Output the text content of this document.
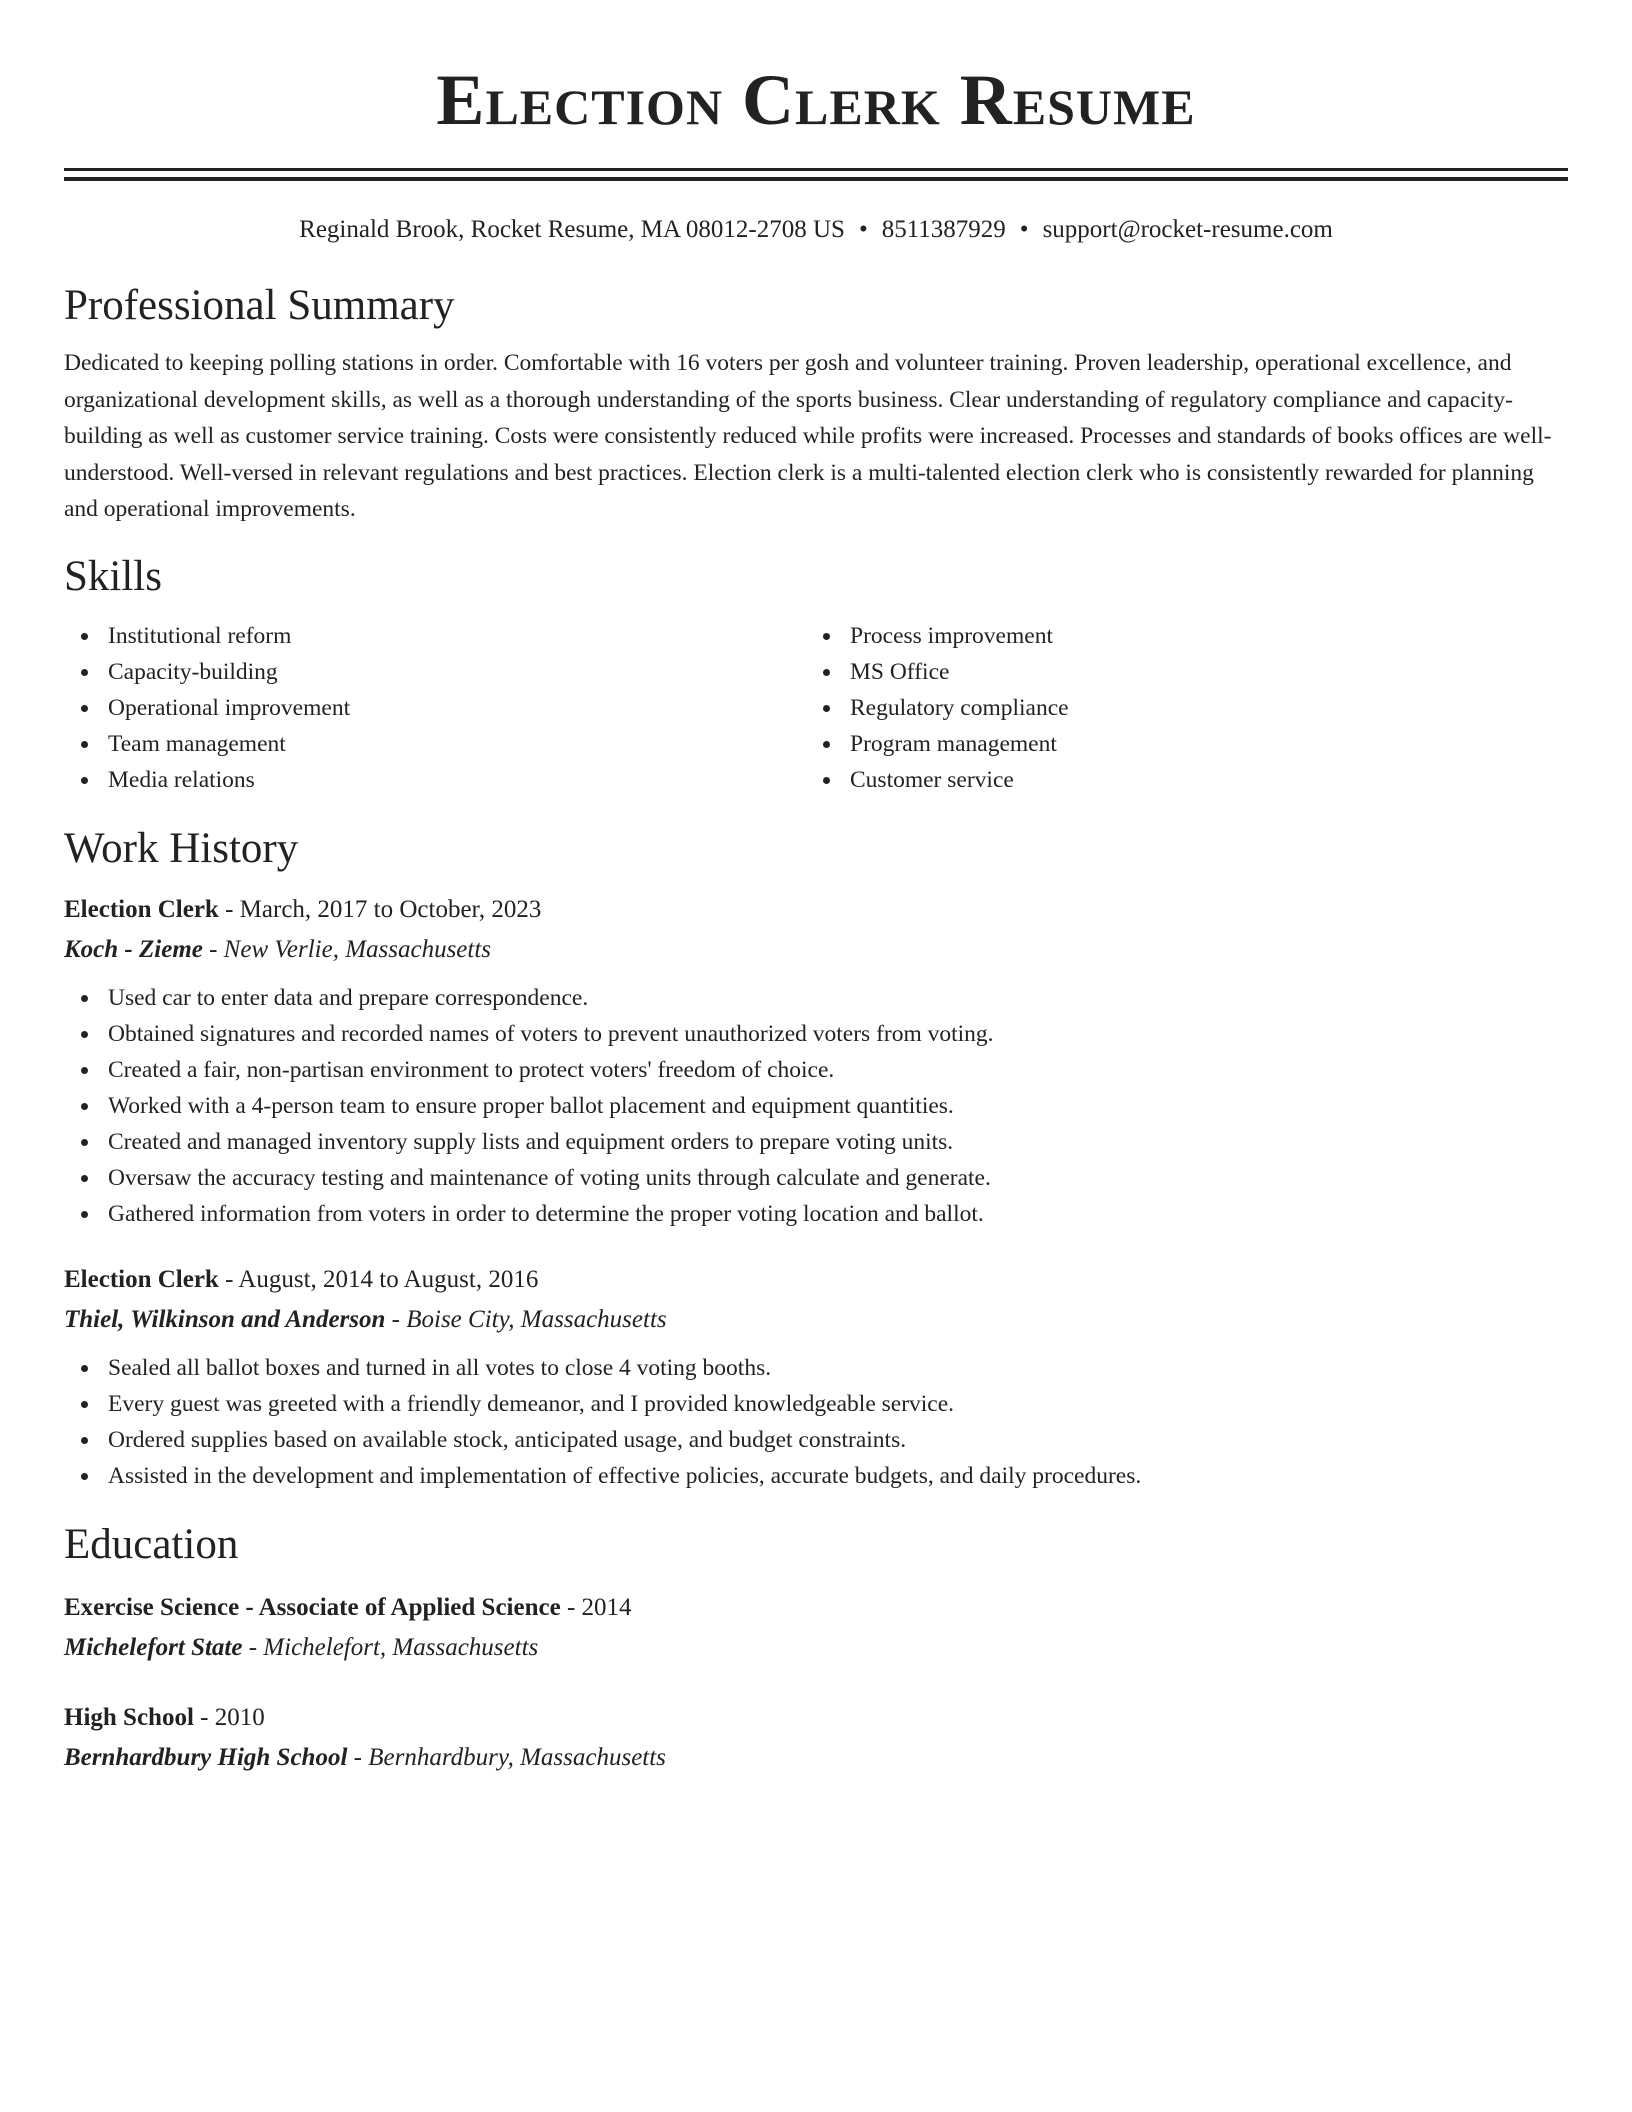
Election Clerk Resume
Reginald Brook, Rocket Resume, MA 08012-2708 US • 8511387929 • support@rocket-resume.com
Professional Summary
Dedicated to keeping polling stations in order. Comfortable with 16 voters per gosh and volunteer training. Proven leadership, operational excellence, and organizational development skills, as well as a thorough understanding of the sports business. Clear understanding of regulatory compliance and capacity-building as well as customer service training. Costs were consistently reduced while profits were increased. Processes and standards of books offices are well-understood. Well-versed in relevant regulations and best practices. Election clerk is a multi-talented election clerk who is consistently rewarded for planning and operational improvements.
Skills
Institutional reform
Capacity-building
Operational improvement
Team management
Media relations
Process improvement
MS Office
Regulatory compliance
Program management
Customer service
Work History
Election Clerk - March, 2017 to October, 2023
Koch - Zieme - New Verlie, Massachusetts
Used car to enter data and prepare correspondence.
Obtained signatures and recorded names of voters to prevent unauthorized voters from voting.
Created a fair, non-partisan environment to protect voters' freedom of choice.
Worked with a 4-person team to ensure proper ballot placement and equipment quantities.
Created and managed inventory supply lists and equipment orders to prepare voting units.
Oversaw the accuracy testing and maintenance of voting units through calculate and generate.
Gathered information from voters in order to determine the proper voting location and ballot.
Election Clerk - August, 2014 to August, 2016
Thiel, Wilkinson and Anderson - Boise City, Massachusetts
Sealed all ballot boxes and turned in all votes to close 4 voting booths.
Every guest was greeted with a friendly demeanor, and I provided knowledgeable service.
Ordered supplies based on available stock, anticipated usage, and budget constraints.
Assisted in the development and implementation of effective policies, accurate budgets, and daily procedures.
Education
Exercise Science - Associate of Applied Science - 2014
Michelefort State - Michelefort, Massachusetts
High School - 2010
Bernhardbury High School - Bernhardbury, Massachusetts
